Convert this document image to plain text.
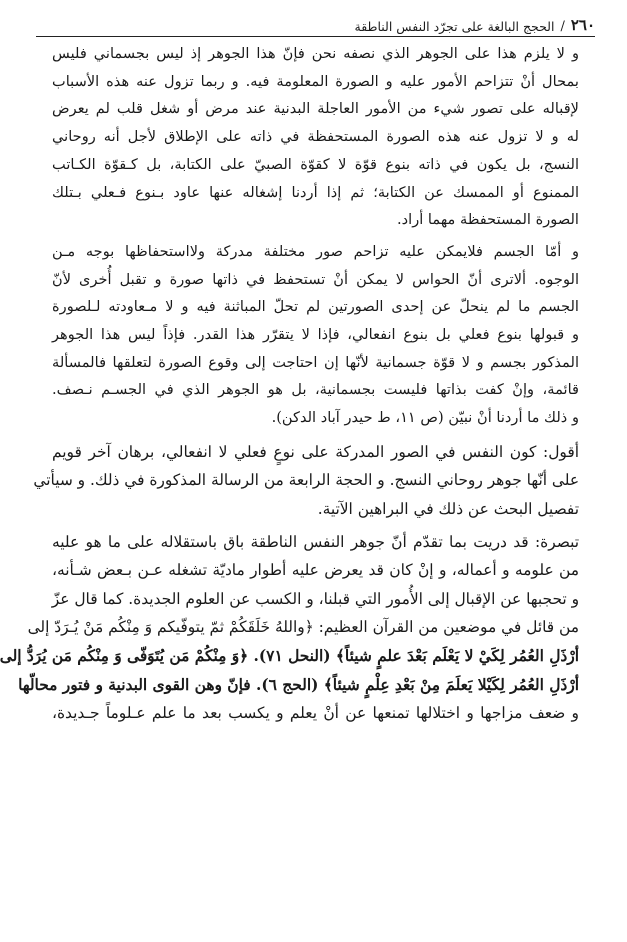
٢٦٠
/
الحجج البالغة على تجرّد النفس الناطقة
و لا يلزم هذا على الجوهر الذي نصفه نحن فإنّ هذا الجوهر إذ ليس بجسماني فليس
بمحال أنْ تتزاحم الأمور عليه و الصورة المعلومة فيه. و ربما تزول عنه هذه الأسباب
لإقباله على تصور شيء من الأمور العاجلة البدنية عند مرض أو شغل قلب لم يعرض
له و لا تزول عنه هذه الصورة المستحفظة في ذاته على الإطلاق لأجل أنه روحاني
النسج، بل يكون في ذاته بنوع قوّة لا كقوّة الصبيّ على الكتابة، بل كـقوّة الكـاتب
الممنوع أو الممسك عن الكتابة؛ ثم إذا أردنا إشغاله عنها عاود بـنوع فـعلي بـتلك
الصورة المستحفظة مهما أراد.
و أمّا الجسم فلايمكن عليه تزاحم صور مختلفة مدركة ولااستحفاظها بوجه مـن
الوجوه. ألاترى أنّ الحواس لا يمكن أنْ تستحفظ في ذاتها صورة و تقبل أُخرى لأنّ
الجسم ما لم ينحلّ عن إحدى الصورتين لم تحلّ المباثنة فيه و لا مـعاودته لـلصورة
و قبولها بنوع فعلي بل بنوع انفعالي، فإذا لا يتقرّر هذا القدر. فإذاً ليس هذا الجوهر
المذكور بجسم و لا قوّة جسمانية لأنّها إن احتاجت إلى وقوع الصورة لتعلقها فالمسألة
قائمة، وإنْ كفت بذاتها فليست بجسمانية، بل هو الجوهر الذي في الجسـم نـصف.
و ذلك ما أردنا أنْ نبيّن (ص ١١، ط حيدر آباد الدكن).
أقول: كون النفس في الصور المدركة على نوعٍ فعلي لا انفعالي، برهان آخر قويم
على أنّها جوهر روحاني النسج. و الحجة الرابعة من الرسالة المذكورة في ذلك. و سيأتي
تفصيل البحث عن ذلك في البراهين الآتية.
تبصرة: قد دريت بما تقدّم أنّ جوهر النفس الناطقة باق باستقلاله على ما هو عليه
من علومه و أعماله، و إنْ كان قد يعرض عليه أطوار ماديّة تشغله عـن بـعض شـأنه،
و تحجبها عن الإقبال إلى الأُمور التي قبلنا، و الكسب عن العلوم الجديدة. كما قال عزّ
من قائل في موضعين من القرآن العظيم: ﴿واللهُ خَلَقَكُمْ ثمّ يتوفّيكم وَ مِنْكُم مَنْ يُـرَدّ إلى
أرْذَلِ العُمُر لِكَيْ لا يَعْلَم بَعْدَ علمٍ شيئاً﴾ (النحل ٧١). ﴿وَ مِنْكُمْ مَن يُتَوَفّى وَ مِنْكُم مَن يُرَدُّ إلى
أرْذَلِ العُمُر لِكَيْلا يَعلَمَ مِنْ بَعْدِ عِلْمٍ شيئاً﴾ (الحج ٦). فإنّ وهن القوى البدنية و فتور محالّها
و ضعف مزاجها و اختلالها تمنعها عن أنْ يعلم و يكسب بعد ما علم عـلوماً جـديدة،
